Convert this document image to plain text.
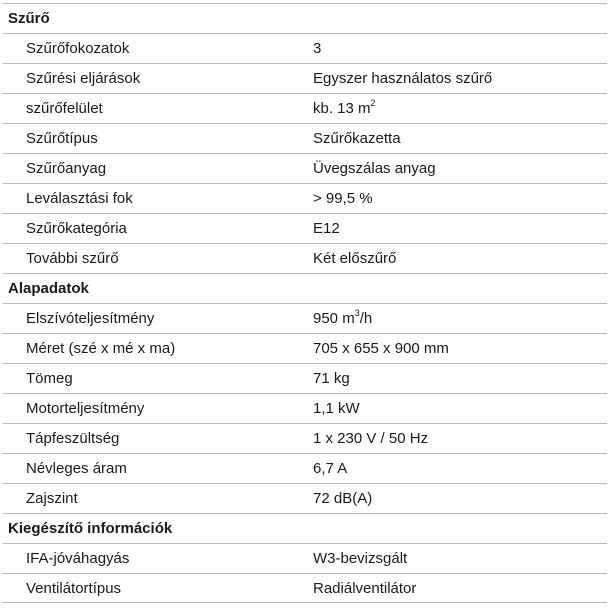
Szűrő
Szűrőfokozatok	3
Szűrési eljárások	Egyszer használatos szűrő
szűrőfelület	kb. 13 $m^2$
Szűrőtípus	Szűrőkazetta
Szűrőanyag	Üvegszálas anyag
Leválasztási fok	> 99,5 %
Szűrőkategória	E12
További szűrő	Két előszűrő
Alapadatok
Elszívóteljesítmény	950 $m^3/h$
Méret (szé x mé x ma)	705 x 655 x 900 mm
Tömeg	71 kg
Motorteljesítmény	1,1 kW
Tápfeszültség	1 x 230 V / 50 Hz
Névleges áram	6,7 A
Zajszint	72 dB(A)
Kiegészítő információk
IFA-jóváhagyás	W3-bevizsgált
Ventilátortípus	Radiálventilátor
